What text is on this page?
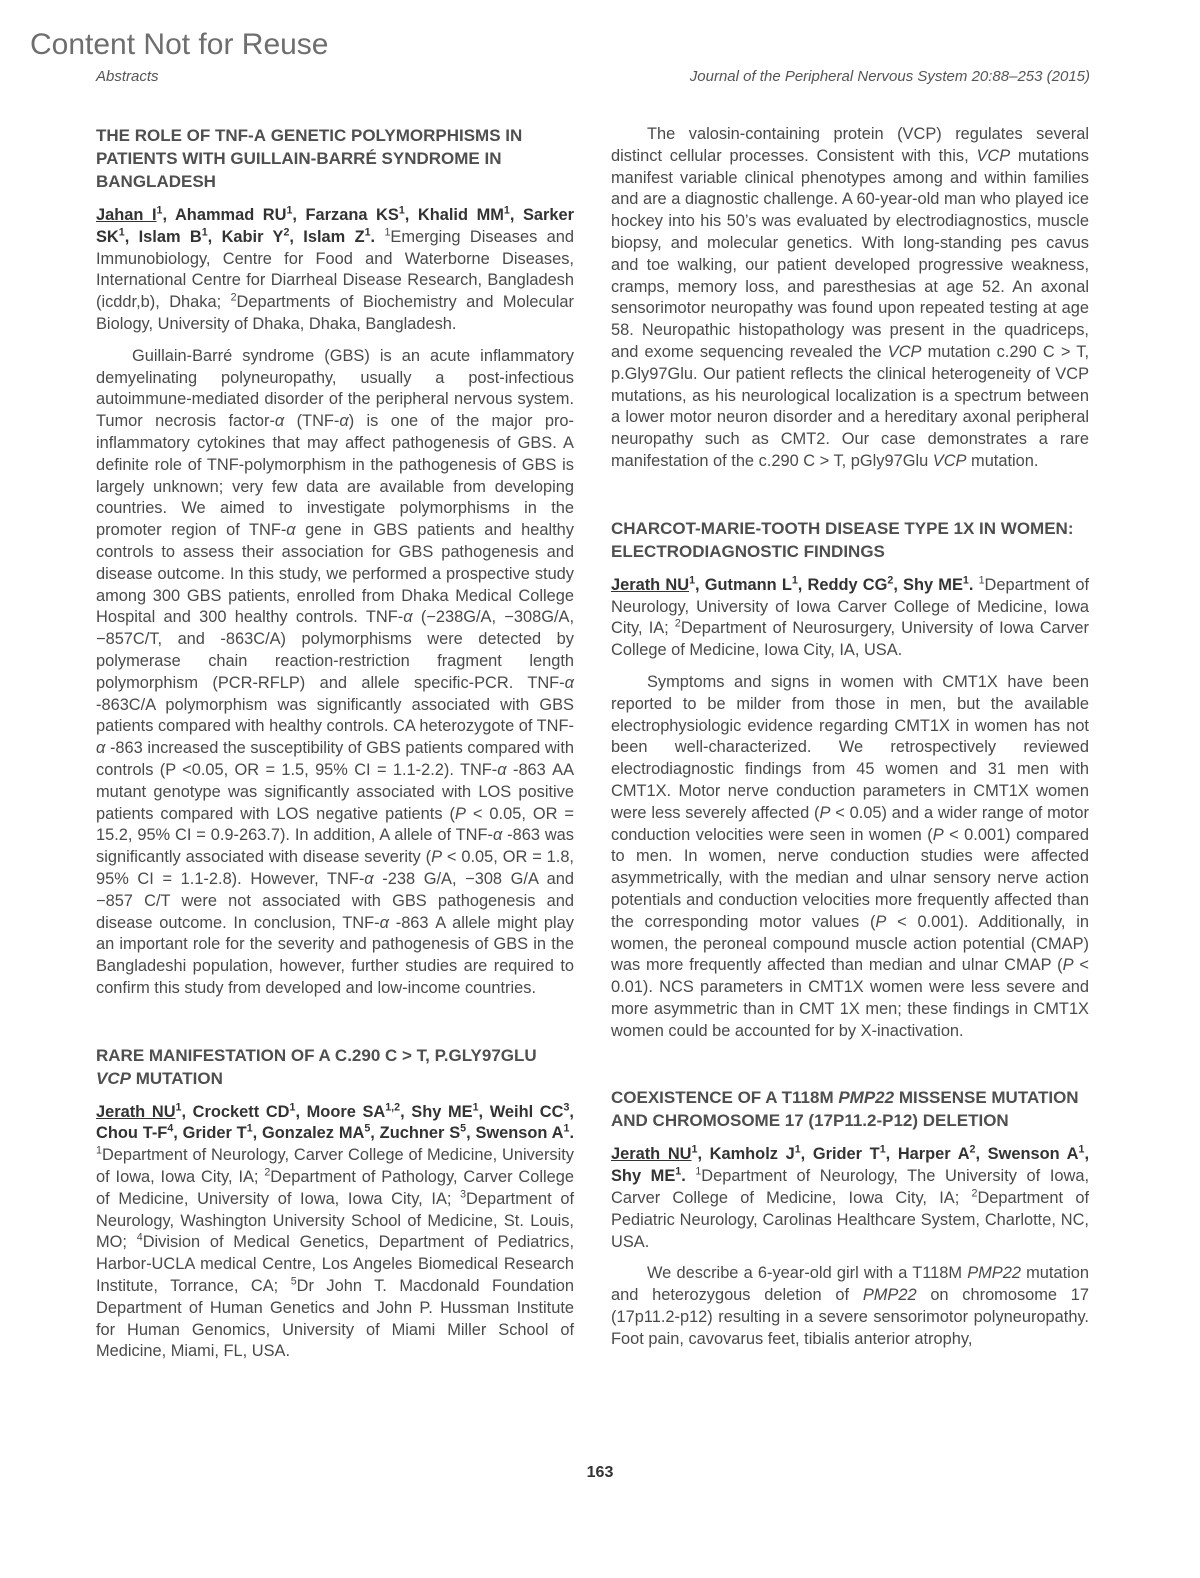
Content Not for Reuse
Abstracts	Journal of the Peripheral Nervous System 20:88–253 (2015)
THE ROLE OF TNF-Α GENETIC POLYMORPHISMS IN PATIENTS WITH GUILLAIN-BARRÉ SYNDROME IN BANGLADESH

Jahan $I^1$, Ahammad $RU^1$, Farzana $KS^1$, Khalid $MM^1$, Sarker $SK^1$, Islam $B^1$, Kabir $Y^2$, Islam $Z^1$. $^1$Emerging Diseases and Immunobiology, Centre for Food and Waterborne Diseases, International Centre for Diarrheal Disease Research, Bangladesh (icddr,b), Dhaka; $^2$Departments of Biochemistry and Molecular Biology, University of Dhaka, Dhaka, Bangladesh.

Guillain-Barré syndrome (GBS) is an acute inflammatory demyelinating polyneuropathy, usually a post-infectious autoimmune-mediated disorder of the peripheral nervous system. Tumor necrosis factor-α (TNF-α) is one of the major pro-inflammatory cytokines that may affect pathogenesis of GBS. A definite role of TNF-polymorphism in the pathogenesis of GBS is largely unknown; very few data are available from developing countries. We aimed to investigate polymorphisms in the promoter region of TNF-α gene in GBS patients and healthy controls to assess their association for GBS pathogenesis and disease outcome. In this study, we performed a prospective study among 300 GBS patients, enrolled from Dhaka Medical College Hospital and 300 healthy controls. TNF-α (−238G/A, −308G/A, −857C/T, and -863C/A) polymorphisms were detected by polymerase chain reaction-restriction fragment length polymorphism (PCR-RFLP) and allele specific-PCR. TNF-α -863C/A polymorphism was significantly associated with GBS patients compared with healthy controls. CA heterozygote of TNF-α -863 increased the susceptibility of GBS patients compared with controls (P <0.05, OR = 1.5, 95% CI = 1.1-2.2). TNF-α -863 AA mutant genotype was significantly associated with LOS positive patients compared with LOS negative patients (P < 0.05, OR = 15.2, 95% CI = 0.9-263.7). In addition, A allele of TNF-α -863 was significantly associated with disease severity (P < 0.05, OR = 1.8, 95% CI = 1.1-2.8). However, TNF-α -238 G/A, −308 G/A and −857 C/T were not associated with GBS pathogenesis and disease outcome. In conclusion, TNF-α -863 A allele might play an important role for the severity and pathogenesis of GBS in the Bangladeshi population, however, further studies are required to confirm this study from developed and low-income countries.

RARE MANIFESTATION OF A C.290 C > T, P.GLY97GLU VCP MUTATION

Jerath $NU^1$, Crockett $CD^1$, Moore SA$^{1,2}$, Shy $ME^1$, Weihl $CC^3$, Chou $T-F^4$, Grider $T^1$, Gonzalez $MA^5$, Zuchner $S^5$, Swenson $A^1$. $^1$Department of Neurology, Carver College of Medicine, University of Iowa, Iowa City, IA; $^2$Department of Pathology, Carver College of Medicine, University of Iowa, Iowa City, IA; $^3$Department of Neurology, Washington University School of Medicine, St. Louis, MO; $^4$Division of Medical Genetics, Department of Pediatrics, Harbor-UCLA medical Centre, Los Angeles Biomedical Research Institute, Torrance, CA; $^5$Dr John T. Macdonald Foundation Department of Human Genetics and John P. Hussman Institute for Human Genomics, University of Miami Miller School of Medicine, Miami, FL, USA.

The valosin-containing protein (VCP) regulates several distinct cellular processes. Consistent with this, VCP mutations manifest variable clinical phenotypes among and within families and are a diagnostic challenge. A 60-year-old man who played ice hockey into his 50’s was evaluated by electrodiagnostics, muscle biopsy, and molecular genetics. With long-standing pes cavus and toe walking, our patient developed progressive weakness, cramps, memory loss, and paresthesias at age 52. An axonal sensorimotor neuropathy was found upon repeated testing at age 58. Neuropathic histopathology was present in the quadriceps, and exome sequencing revealed the VCP mutation c.290 C > T, p.Gly97Glu. Our patient reflects the clinical heterogeneity of VCP mutations, as his neurological localization is a spectrum between a lower motor neuron disorder and a hereditary axonal peripheral neuropathy such as CMT2. Our case demonstrates a rare manifestation of the c.290 C > T, pGly97Glu VCP mutation.

CHARCOT-MARIE-TOOTH DISEASE TYPE 1X IN WOMEN: ELECTRODIAGNOSTIC FINDINGS

Jerath $NU^1$, Gutmann $L^1$, Reddy $CG^2$, Shy $ME^1$. $^1$Department of Neurology, University of Iowa Carver College of Medicine, Iowa City, IA; $^2$Department of Neurosurgery, University of Iowa Carver College of Medicine, Iowa City, IA, USA.

Symptoms and signs in women with CMT1X have been reported to be milder from those in men, but the available electrophysiologic evidence regarding CMT1X in women has not been well-characterized. We retrospectively reviewed electrodiagnostic findings from 45 women and 31 men with CMT1X. Motor nerve conduction parameters in CMT1X women were less severely affected (P < 0.05) and a wider range of motor conduction velocities were seen in women (P < 0.001) compared to men. In women, nerve conduction studies were affected asymmetrically, with the median and ulnar sensory nerve action potentials and conduction velocities more frequently affected than the corresponding motor values (P < 0.001). Additionally, in women, the peroneal compound muscle action potential (CMAP) was more frequently affected than median and ulnar CMAP (P < 0.01). NCS parameters in CMT1X women were less severe and more asymmetric than in CMT 1X men; these findings in CMT1X women could be accounted for by X-inactivation.

COEXISTENCE OF A T118M PMP22 MISSENSE MUTATION AND CHROMOSOME 17 (17P11.2-P12) DELETION

Jerath $NU^1$, Kamholz $J^1$, Grider $T^1$, Harper $A^2$, Swenson $A^1$, Shy $ME^1$. $^1$Department of Neurology, The University of Iowa, Carver College of Medicine, Iowa City, IA; $^2$Department of Pediatric Neurology, Carolinas Healthcare System, Charlotte, NC, USA.

We describe a 6-year-old girl with a T118M PMP22 mutation and heterozygous deletion of PMP22 on chromosome 17 (17p11.2-p12) resulting in a severe sensorimotor polyneuropathy. Foot pain, cavovarus feet, tibialis anterior atrophy,

163
